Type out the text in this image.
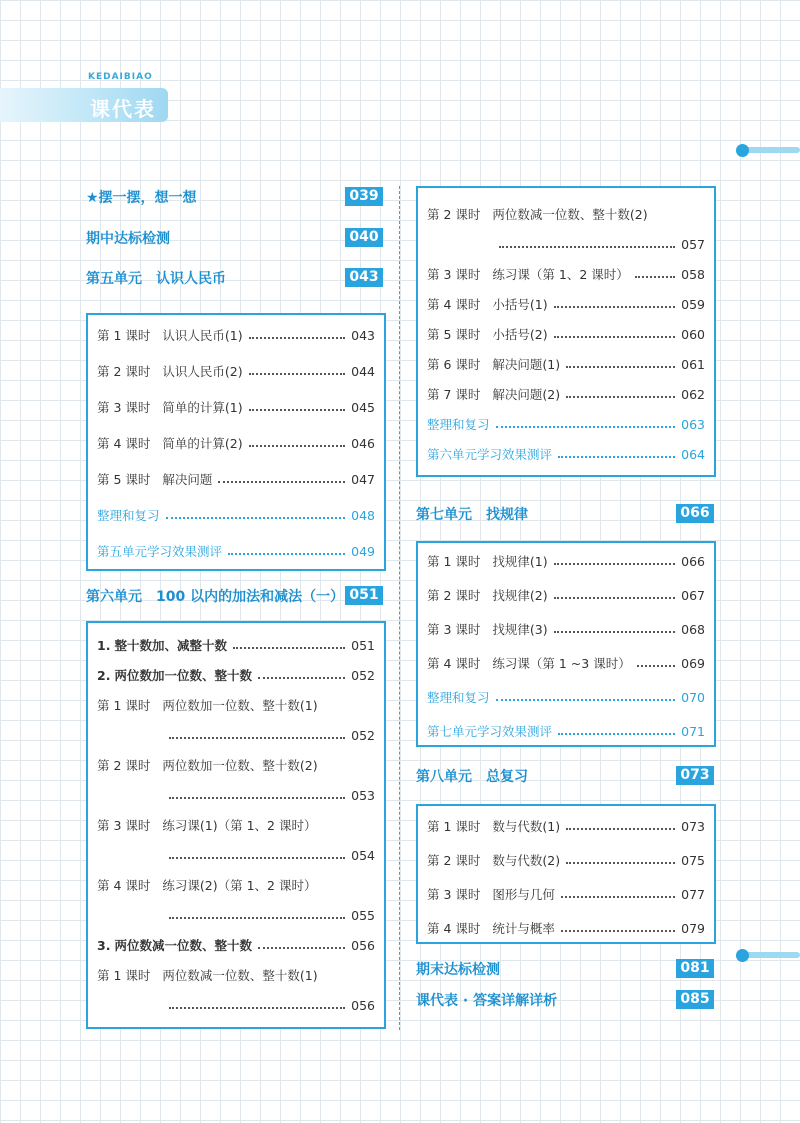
KEDAIBIAO
课代表
★摆一摆，想一想	039
期中达标检测	040
第五单元　认识人民币	043
第 1 课时 认识人民币(1)	043
第 2 课时 认识人民币(2)	044
第 3 课时 简单的计算(1)	045
第 4 课时 简单的计算(2)	046
第 5 课时 解决问题	047
整理和复习	048
第五单元学习效果测评	049
第六单元　100 以内的加法和减法（一） 051
1. 整十数加、减整十数	051
2. 两位数加一位数、整十数	052
第 1 课时 两位数加一位数、整十数(1)
052
第 2 课时 两位数加一位数、整十数(2)
053
第 3 课时 练习课(1)（第 1、2 课时）
054
第 4 课时 练习课(2)（第 1、2 课时）
055
3. 两位数减一位数、整十数	056
第 1 课时 两位数减一位数、整十数(1)
056
第 2 课时 两位数减一位数、整十数(2)
057
第 3 课时 练习课（第 1、2 课时）	058
第 4 课时 小括号(1)	059
第 5 课时 小括号(2)	060
第 6 课时 解决问题(1)	061
第 7 课时 解决问题(2)	062
整理和复习	063
第六单元学习效果测评	064
第七单元　找规律	066
第 1 课时 找规律(1)	066
第 2 课时 找规律(2)	067
第 3 课时 找规律(3)	068
第 4 课时 练习课（第 1 ~3 课时）	069
整理和复习	070
第七单元学习效果测评	071
第八单元　总复习	073
第 1 课时 数与代数(1)	073
第 2 课时 数与代数(2)	075
第 3 课时 图形与几何	077
第 4 课时 统计与概率	079
期末达标检测	081
课代表 · 答案详解详析	085
